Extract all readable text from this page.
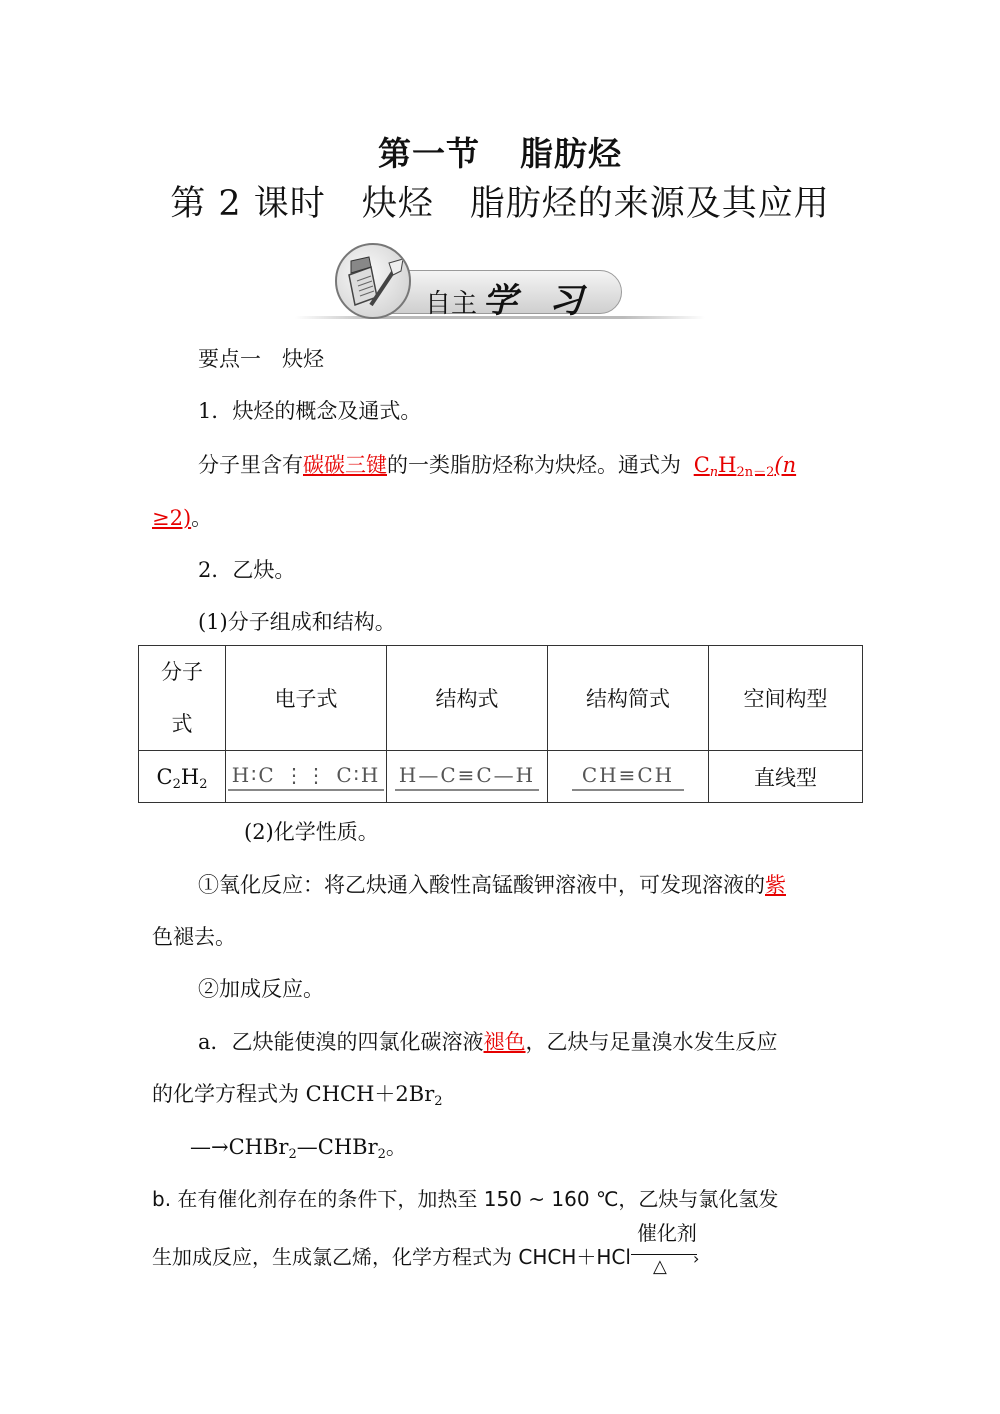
第一节 脂肪烃
第 2 课时 炔烃 脂肪烃的来源及其应用
自主 学 习
要点一　炔烃
1．炔烃的概念及通式。
分子里含有碳碳三键的一类脂肪烃称为炔烃。通式为 $C_nH_{2n-2}(n$
≥2)。
2．乙炔。
(1)分子组成和结构。
分子
式	电子式	结构式	结构简式	空间构型
$C_2H_2$	H∶C ⋮⋮ C∶H	H—C≡C—H	CH≡CH	直线型
(2)化学性质。
①氧化反应：将乙炔通入酸性高锰酸钾溶液中，可发现溶液的紫
色褪去。
②加成反应。
a．乙炔能使溴的四氯化碳溶液褪色，乙炔与足量溴水发生反应
的化学方程式为 $CHCH+2Br_2$
—→CHBr$_2$—CHBr$_2$。
b. 在有催化剂存在的条件下，加热至 150 ~ 160 ℃，乙炔与氯化氢发
生加成反应，生成氯乙烯，化学方程式为 CHCH＋HCl
催化剂
›
△
